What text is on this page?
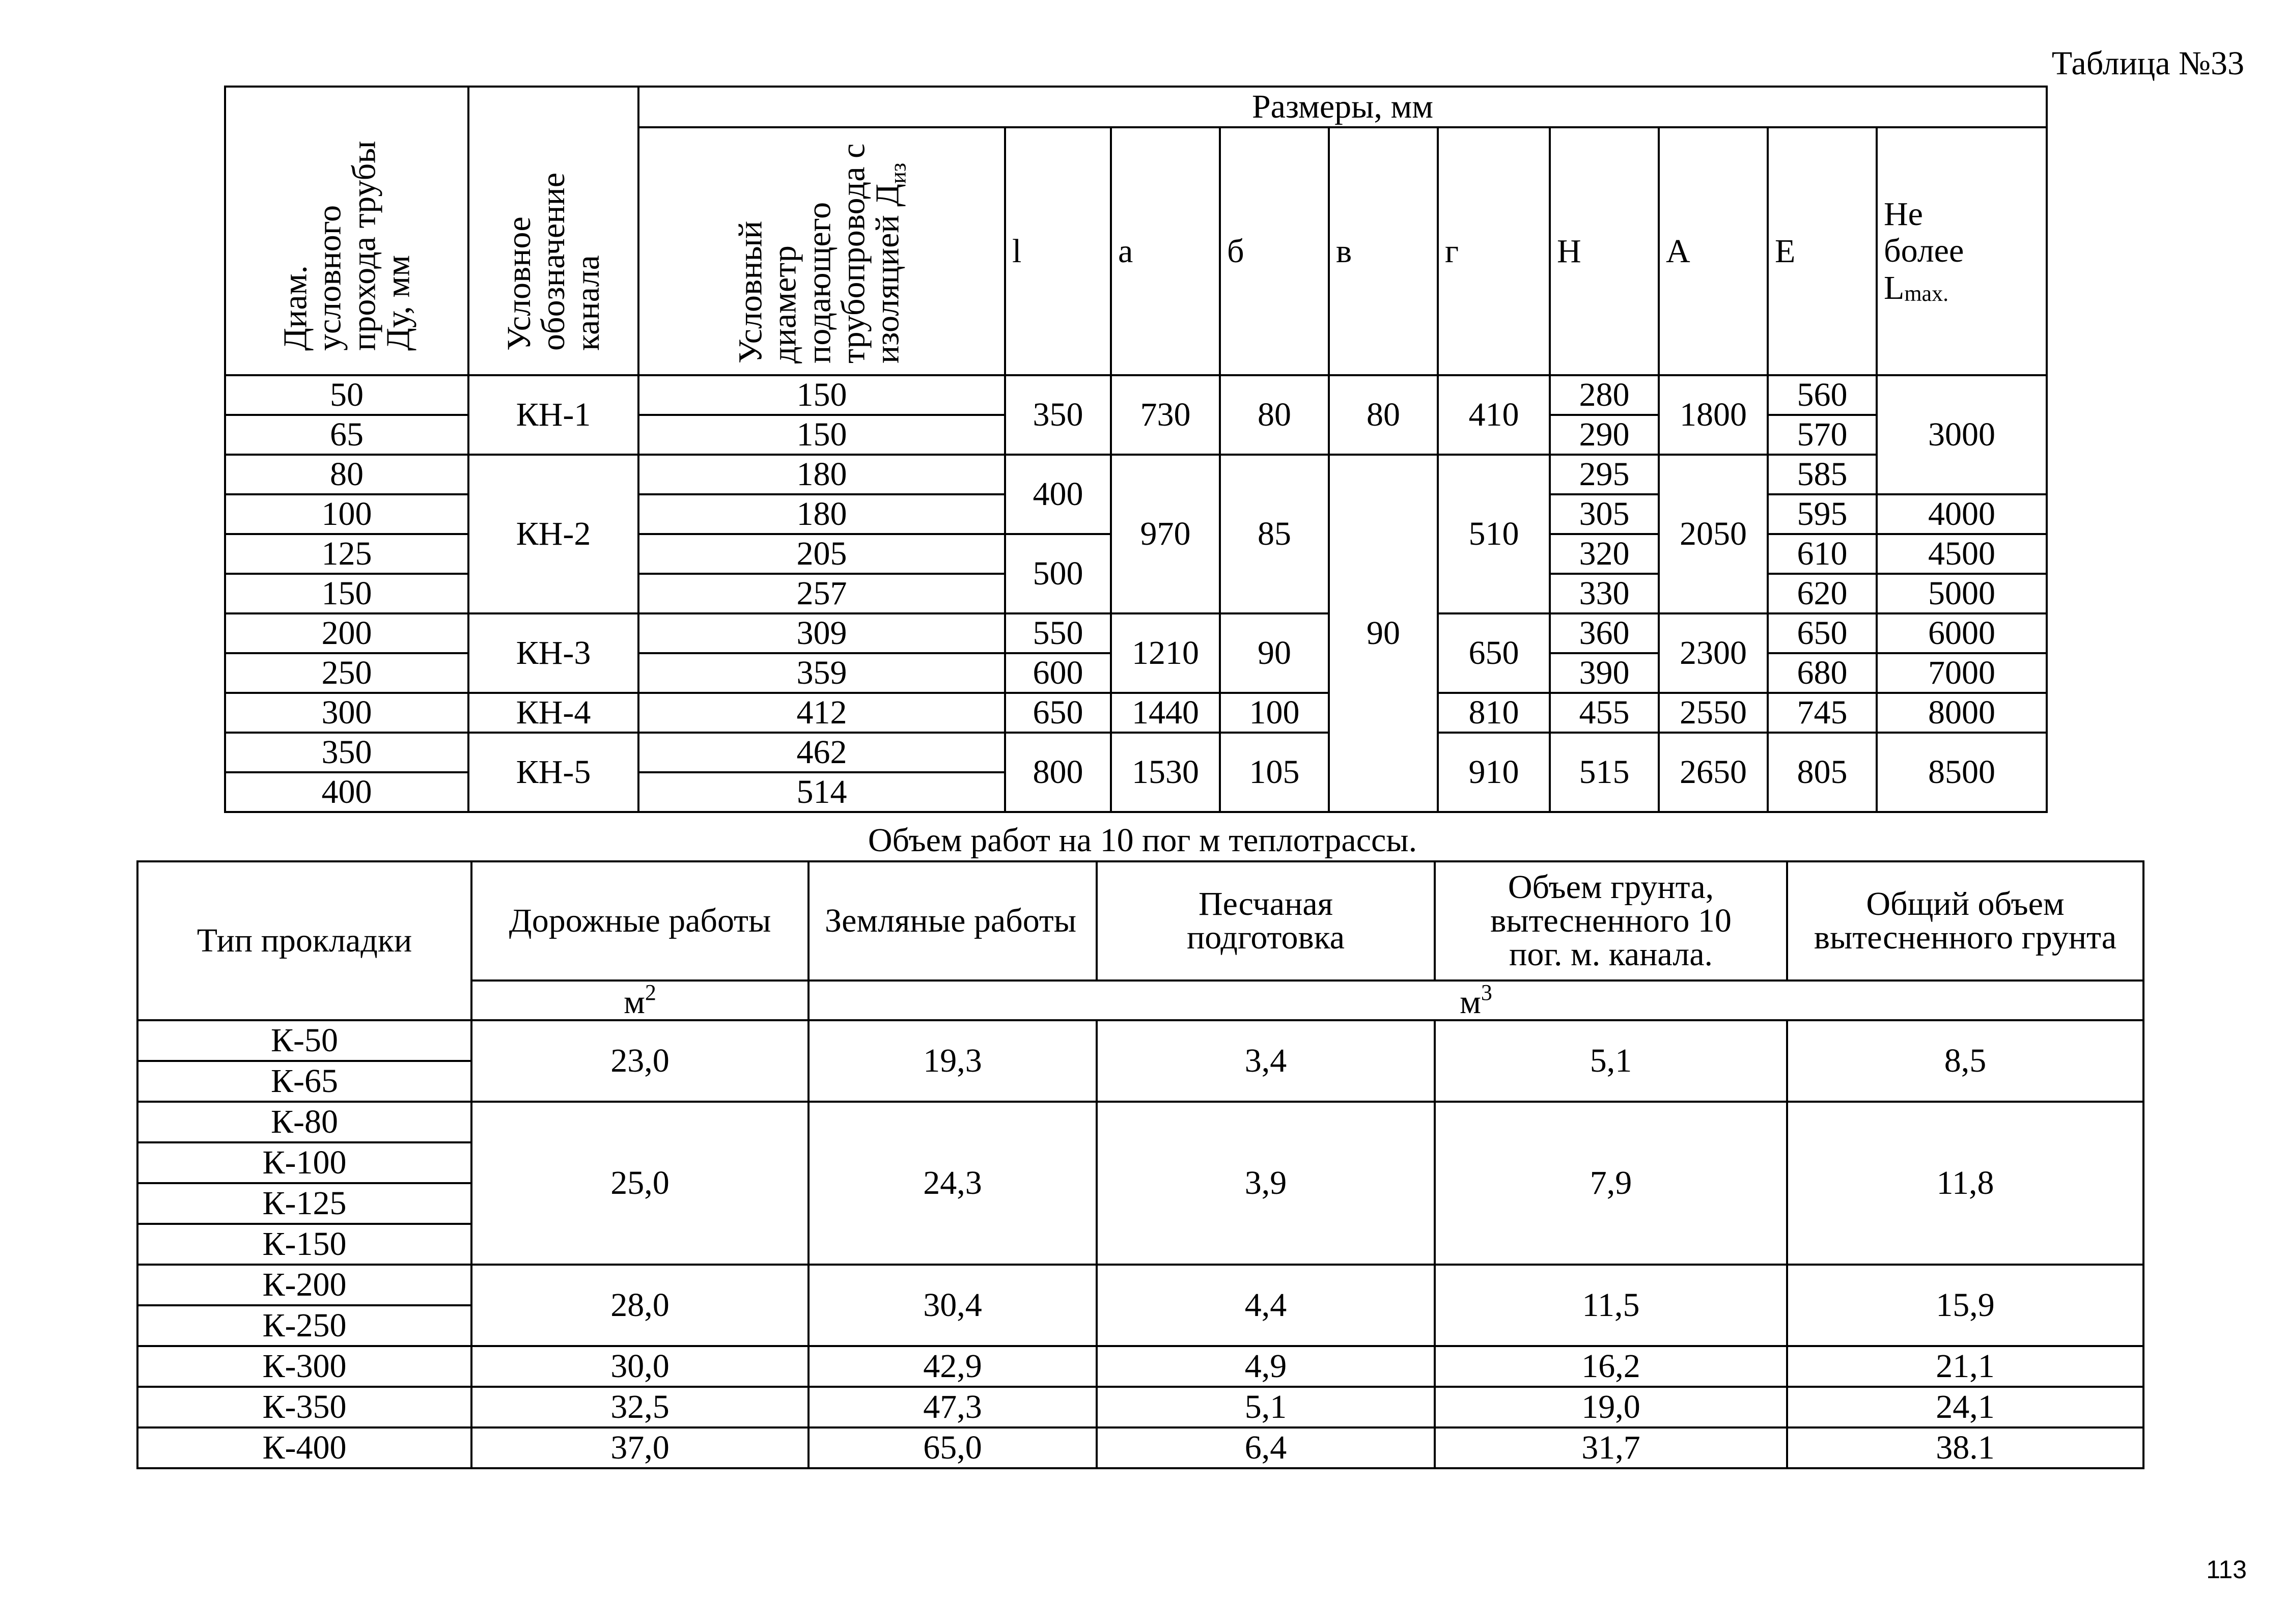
Таблица №33
Диам. условного прохода трубы Ду, мм	Условное обозначение канала	Размеры, мм									

		Условный диаметр подающего трубопровода с изоляцией $Д_{из}$	l	а	б	в	г	Н	А	Е	Не
более
$L_{max.}$
50	КН-1	150	350	730	80	80	410	280	1800	560	3000
65		150						290		570	
80	КН-2	180	400	970	85	90	510	295	2050	585	
100		180						305		595	4000
125		205	500					320		610	4500
150		257						330		620	5000
200	КН-3	309	550	1210	90		650	360	2300	650	6000
250		359	600					390		680	7000
300	КН-4	412	650	1440	100		810	455	2550	745	8000
350	КН-5	462	800	1530	105		910	515	2650	805	8500
400		514									
Объем работ на 10 пог м теплотрассы.
Тип прокладки	Дорожные работы	Земляные работы	Песчаная подготовка	Объем грунта, вытесненного 10 пог. м. канала.	Общий объем вытесненного грунта
	$м^2$	$м^3$
К-50	23,0	19,3	3,4	5,1	8,5
К-65					
К-80	25,0	24,3	3,9	7,9	11,8
К-100					
К-125					
К-150					
К-200	28,0	30,4	4,4	11,5	15,9
К-250					
К-300	30,0	42,9	4,9	16,2	21,1
К-350	32,5	47,3	5,1	19,0	24,1
К-400	37,0	65,0	6,4	31,7	38.1
113
